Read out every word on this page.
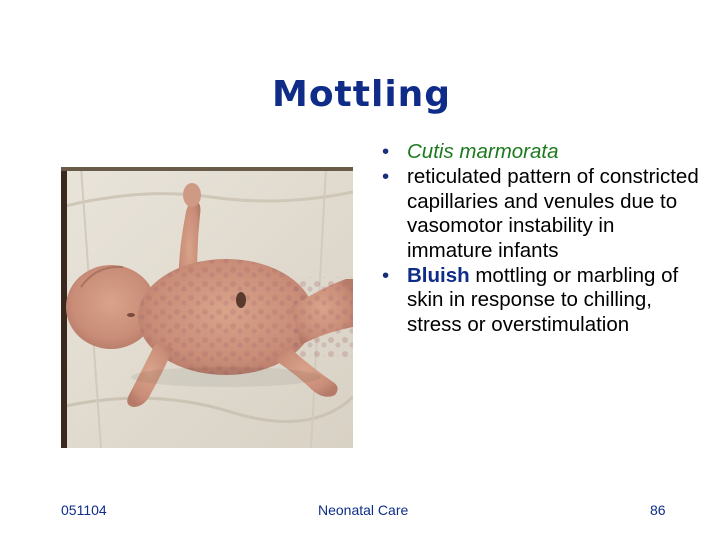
Mottling
• Cutis marmorata
• reticulated pattern of constricted capillaries and venules due to vasomotor instability in immature infants
• Bluish mottling or marbling of skin in response to chilling, stress or overstimulation
051104	Neonatal Care	86
